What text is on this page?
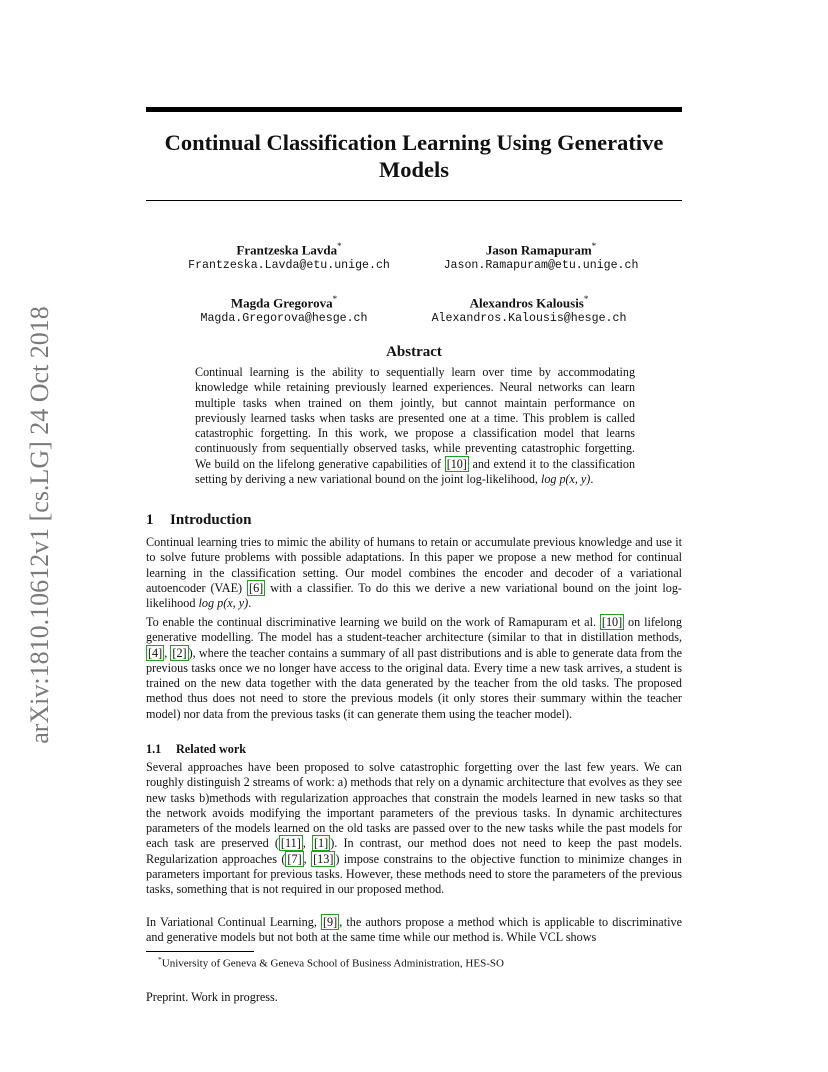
arXiv:1810.10612v1 [cs.LG] 24 Oct 2018
Continual Classification Learning Using Generative
Models
Frantzeska Lavda*
Frantzeska.Lavda@etu.unige.ch
Jason Ramapuram*
Jason.Ramapuram@etu.unige.ch
Magda Gregorova*
Magda.Gregorova@hesge.ch
Alexandros Kalousis*
Alexandros.Kalousis@hesge.ch
Abstract
Continual learning is the ability to sequentially learn over time by accommodating knowledge while retaining previously learned experiences. Neural networks can learn multiple tasks when trained on them jointly, but cannot maintain performance on previously learned tasks when tasks are presented one at a time. This problem is called catastrophic forgetting. In this work, we propose a classification model that learns continuously from sequentially observed tasks, while preventing catastrophic forgetting. We build on the lifelong generative capabilities of [10] and extend it to the classification setting by deriving a new variational bound on the joint log-likelihood, log p(x, y).
1 Introduction
Continual learning tries to mimic the ability of humans to retain or accumulate previous knowledge and use it to solve future problems with possible adaptations. In this paper we propose a new method for continual learning in the classification setting. Our model combines the encoder and decoder of a variational autoencoder (VAE) [6] with a classifier. To do this we derive a new variational bound on the joint log-likelihood log p(x, y).
To enable the continual discriminative learning we build on the work of Ramapuram et al. [10] on lifelong generative modelling. The model has a student-teacher architecture (similar to that in distillation methods, [4] , [2] ), where the teacher contains a summary of all past distributions and is able to generate data from the previous tasks once we no longer have access to the original data. Every time a new task arrives, a student is trained on the new data together with the data generated by the teacher from the old tasks. The proposed method thus does not need to store the previous models (it only stores their summary within the teacher model) nor data from the previous tasks (it can generate them using the teacher model).
1.1 Related work
Several approaches have been proposed to solve catastrophic forgetting over the last few years. We can roughly distinguish 2 streams of work: a) methods that rely on a dynamic architecture that evolves as they see new tasks b)methods with regularization approaches that constrain the models learned in new tasks so that the network avoids modifying the important parameters of the previous tasks. In dynamic architectures parameters of the models learned on the old tasks are passed over to the new tasks while the past models for each task are preserved ( [11] , [1] ). In contrast, our method does not need to keep the past models. Regularization approaches ( [7] , [13] ) impose constrains to the objective function to minimize changes in parameters important for previous tasks. However, these methods need to store the parameters of the previous tasks, something that is not required in our proposed method.
In Variational Continual Learning, [9] , the authors propose a method which is applicable to discriminative and generative models but not both at the same time while our method is. While VCL shows
*University of Geneva & Geneva School of Business Administration, HES-SO
Preprint. Work in progress.
